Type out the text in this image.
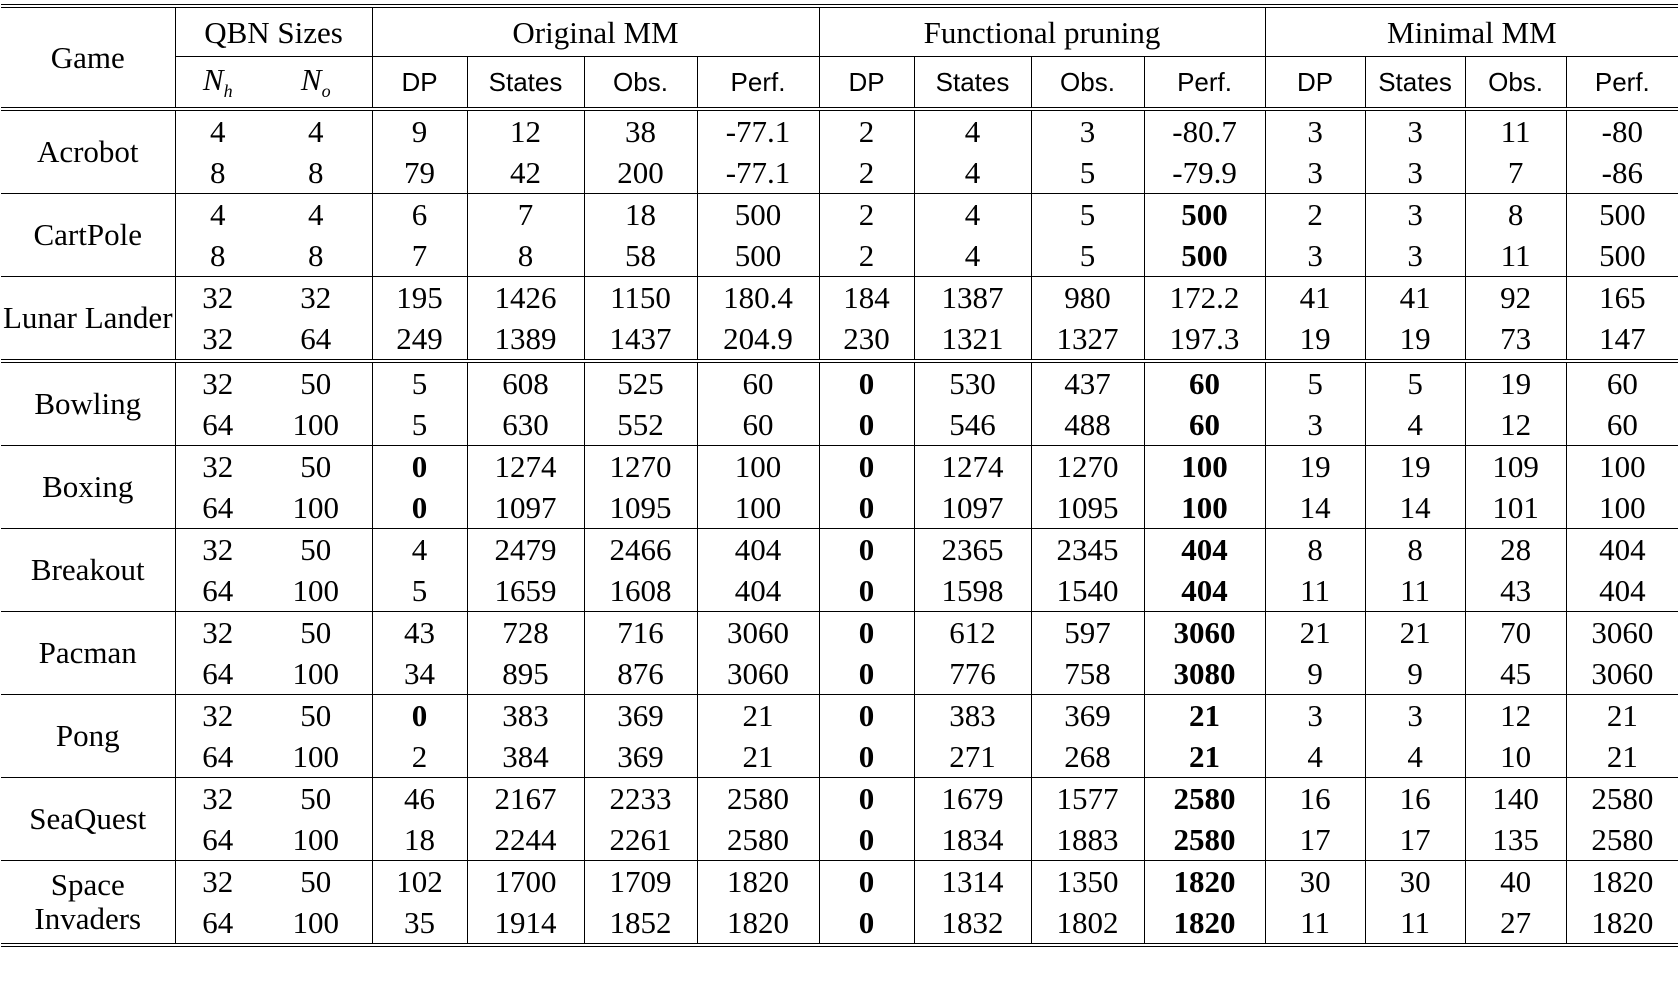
Game	QBN Sizes		Original MM				Functional pruning				Minimal MM			
	$N_h$	$N_o$	DP	States	Obs.	Perf.	DP	States	Obs.	Perf.	DP	States	Obs.	Perf.
Acrobot	4	4	9	12	38	-77.1	2	4	3	-80.7	3	3	11	-80
	8	8	79	42	200	-77.1	2	4	5	-79.9	3	3	7	-86
CartPole	4	4	6	7	18	500	2	4	5	500	2	3	8	500
	8	8	7	8	58	500	2	4	5	500	3	3	11	500
Lunar Lander	32	32	195	1426	1150	180.4	184	1387	980	172.2	41	41	92	165
	32	64	249	1389	1437	204.9	230	1321	1327	197.3	19	19	73	147
Bowling	32	50	5	608	525	60	0	530	437	60	5	5	19	60
	64	100	5	630	552	60	0	546	488	60	3	4	12	60
Boxing	32	50	0	1274	1270	100	0	1274	1270	100	19	19	109	100
	64	100	0	1097	1095	100	0	1097	1095	100	14	14	101	100
Breakout	32	50	4	2479	2466	404	0	2365	2345	404	8	8	28	404
	64	100	5	1659	1608	404	0	1598	1540	404	11	11	43	404
Pacman	32	50	43	728	716	3060	0	612	597	3060	21	21	70	3060
	64	100	34	895	876	3060	0	776	758	3080	9	9	45	3060
Pong	32	50	0	383	369	21	0	383	369	21	3	3	12	21
	64	100	2	384	369	21	0	271	268	21	4	4	10	21
SeaQuest	32	50	46	2167	2233	2580	0	1679	1577	2580	16	16	140	2580
	64	100	18	2244	2261	2580	0	1834	1883	2580	17	17	135	2580
Space Invaders	32	50	102	1700	1709	1820	0	1314	1350	1820	30	30	40	1820
	64	100	35	1914	1852	1820	0	1832	1802	1820	11	11	27	1820
